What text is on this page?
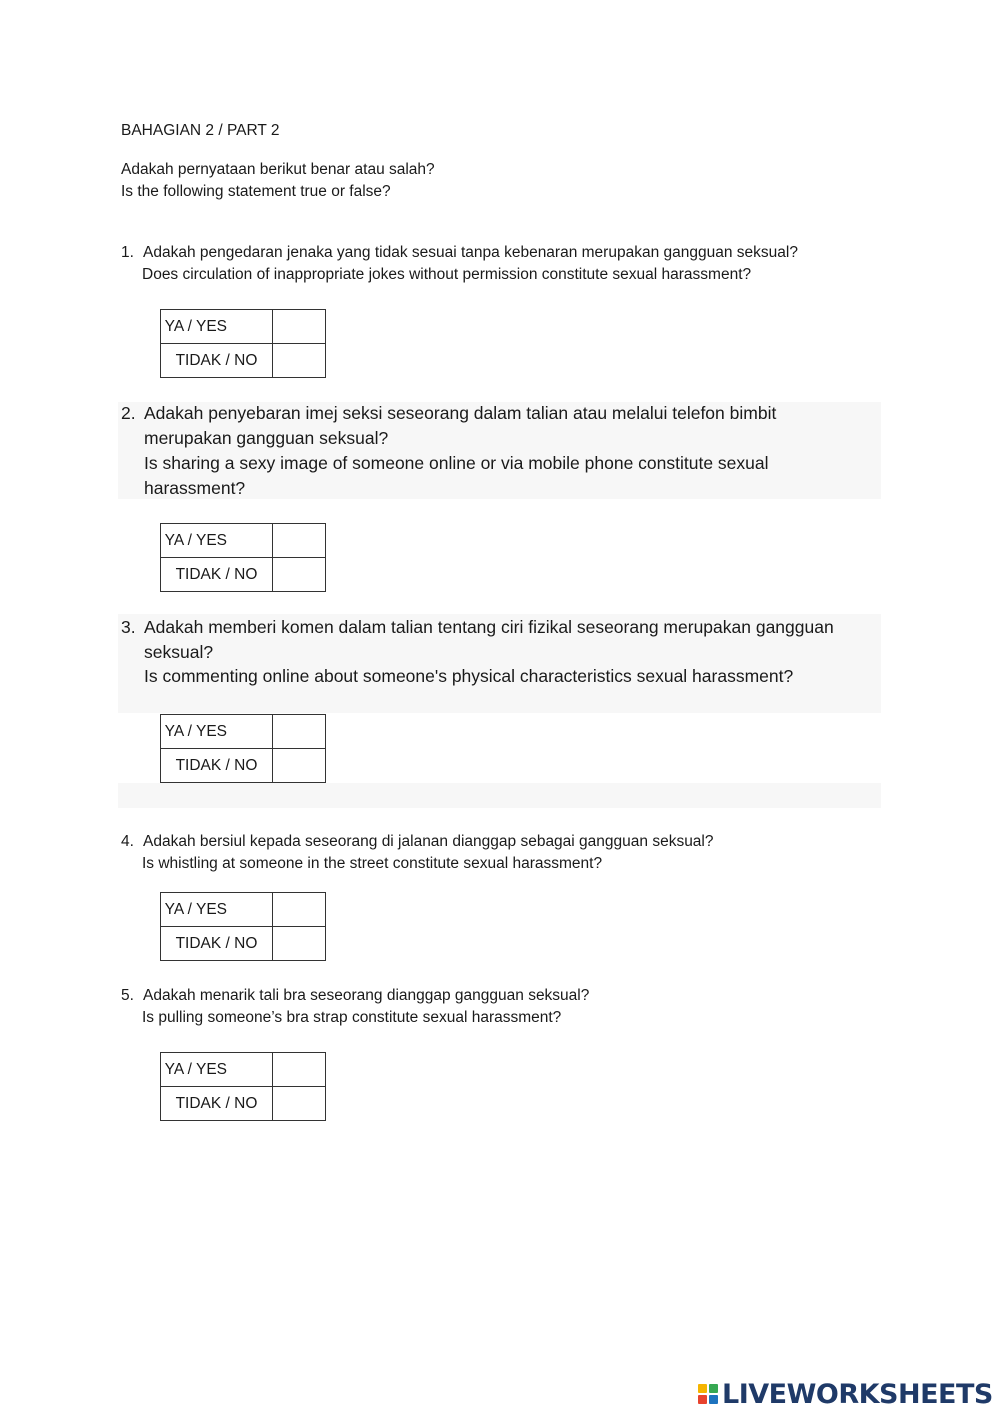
BAHAGIAN 2 / PART 2
Adakah pernyataan berikut benar atau salah?
Is the following statement true or false?
1. Adakah pengedaran jenaka yang tidak sesuai tanpa kebenaran merupakan gangguan seksual?
Does circulation of inappropriate jokes without permission constitute sexual harassment?
YA / YES	
TIDAK / NO	
2. Adakah penyebaran imej seksi seseorang dalam talian atau melalui telefon bimbit
merupakan gangguan seksual?
Is sharing a sexy image of someone online or via mobile phone constitute sexual
harassment?
YA / YES	
TIDAK / NO	
3. Adakah memberi komen dalam talian tentang ciri fizikal seseorang merupakan gangguan
seksual?
Is commenting online about someone's physical characteristics sexual harassment?
YA / YES	
TIDAK / NO	
4. Adakah bersiul kepada seseorang di jalanan dianggap sebagai gangguan seksual?
Is whistling at someone in the street constitute sexual harassment?
YA / YES	
TIDAK / NO	
5. Adakah menarik tali bra seseorang dianggap gangguan seksual?
Is pulling someone’s bra strap constitute sexual harassment?
YA / YES	
TIDAK / NO	
LIVEWORKSHEETS
